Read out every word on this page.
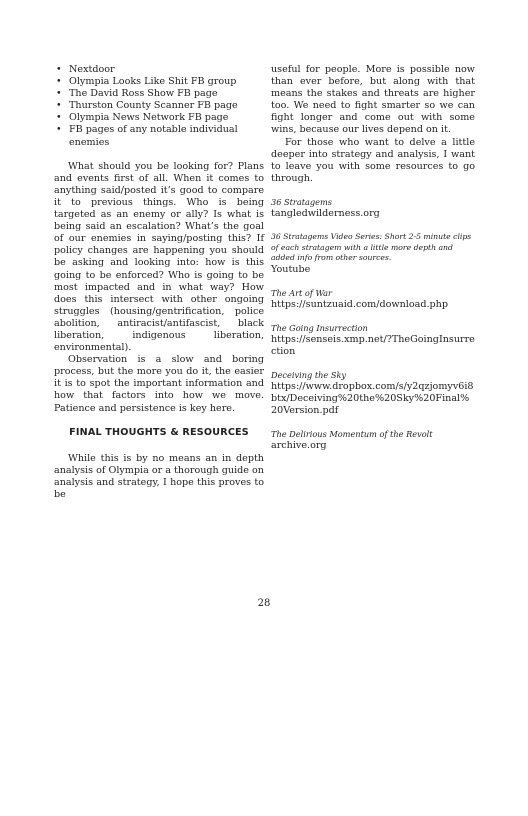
• Nextdoor
• Olympia Looks Like Shit FB group
• The David Ross Show FB page
• Thurston County Scanner FB page
• Olympia News Network FB page
• FB pages of any notable individual enemies

What should you be looking for? Plans and events first of all. When it comes to anything said/posted it’s good to compare it to previous things. Who is being targeted as an enemy or ally? Is what is being said an escalation? What’s the goal of our enemies in saying/posting this? If policy changes are happening you should be asking and looking into: how is this going to be enforced? Who is going to be most impacted and in what way? How does this intersect with other ongoing struggles (housing/gentrification, police abolition, antiracist/antifascist, black liberation, indigenous liberation, environmental).

Observation is a slow and boring process, but the more you do it, the easier it is to spot the important information and how that factors into how we move. Patience and persistence is key here.

FINAL THOUGHTS & RESOURCES

While this is by no means an in depth analysis of Olympia or a thorough guide on analysis and strategy, I hope this proves to be

useful for people. More is possible now than ever before, but along with that means the stakes and threats are higher too. We need to fight smarter so we can fight longer and come out with some wins, because our lives depend on it.

For those who want to delve a little deeper into strategy and analysis, I want to leave you with some resources to go through.

36 Stratagems
tangledwilderness.org
36 Stratagems Video Series: Short 2-5 minute clips of each stratagem with a little more depth and added info from other sources.
Youtube
The Art of War
https://suntzuaid.com/download.php
The Going Insurrection
https://senseis.xmp.net/?TheGoingInsurrection
Deceiving the Sky
https://www.dropbox.com/s/y2qzjomyv6i8btx/Deceiving%20the%20Sky%20Final%20Version.pdf
The Delirious Momentum of the Revolt
archive.org
28
